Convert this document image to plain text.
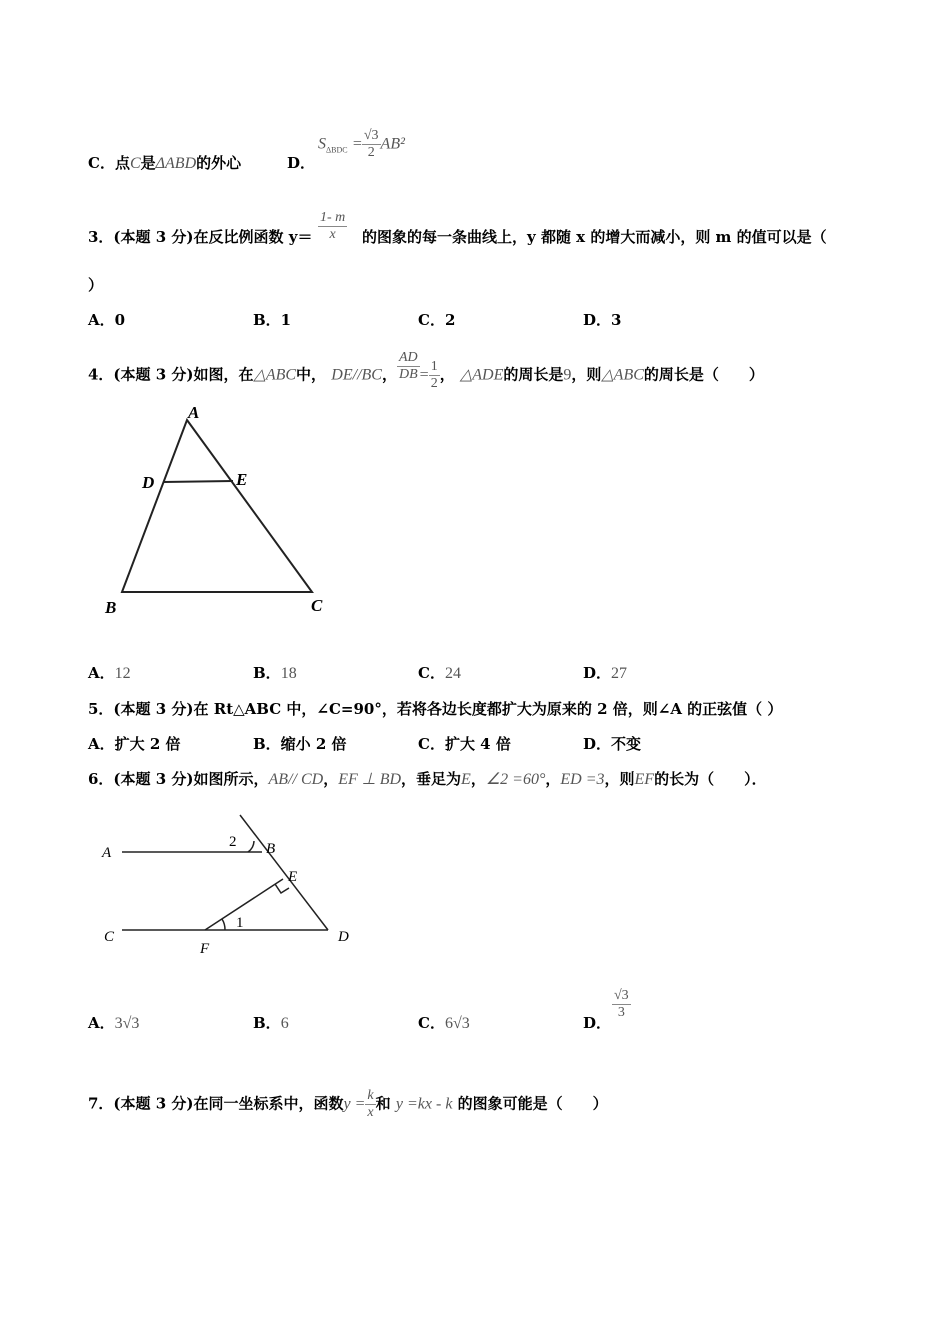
C．点C是ΔABD的外心	D．
$S_{\Delta BDC} = \frac{√3}{2} AB^2$
3．(本题 3 分)在反比例函数 $y= \frac{1- m}{x}$ 的图象的每一条曲线上，y 都随 x 的增大而减小，则 m 的值可以是（
）
A．0	B．1	C．2	D．3
4．(本题 3 分)如图，在△ABC中， DE//BC， $\frac{AD}{DB} = \frac{1}{2}$ ， △ADE的周长是9，则△ABC的周长是（　　）
A
D	E
B	C
A	B
E
C
F
D
2
1
A．12	B．18	C．24	D．27
5．(本题 3 分)在 Rt△ABC 中，∠C=90°，若将各边长度都扩大为原来的 2 倍，则∠A 的正弦值（ ）
A．扩大 2 倍	B．缩小 2 倍	C．扩大 4 倍	D．不变
6．(本题 3 分)如图所示，AB// CD，EF ⊥ BD，垂足为E，∠2 =60°，ED =3，则EF的长为（　　）．
A．3√3	B．6	C．6√3	D．
$\frac{√3}{3}$
7．(本题 3 分)在同一坐标系中，函数$y = \frac{k}{x}$ 和 y =kx - k 的图象可能是（　　）
